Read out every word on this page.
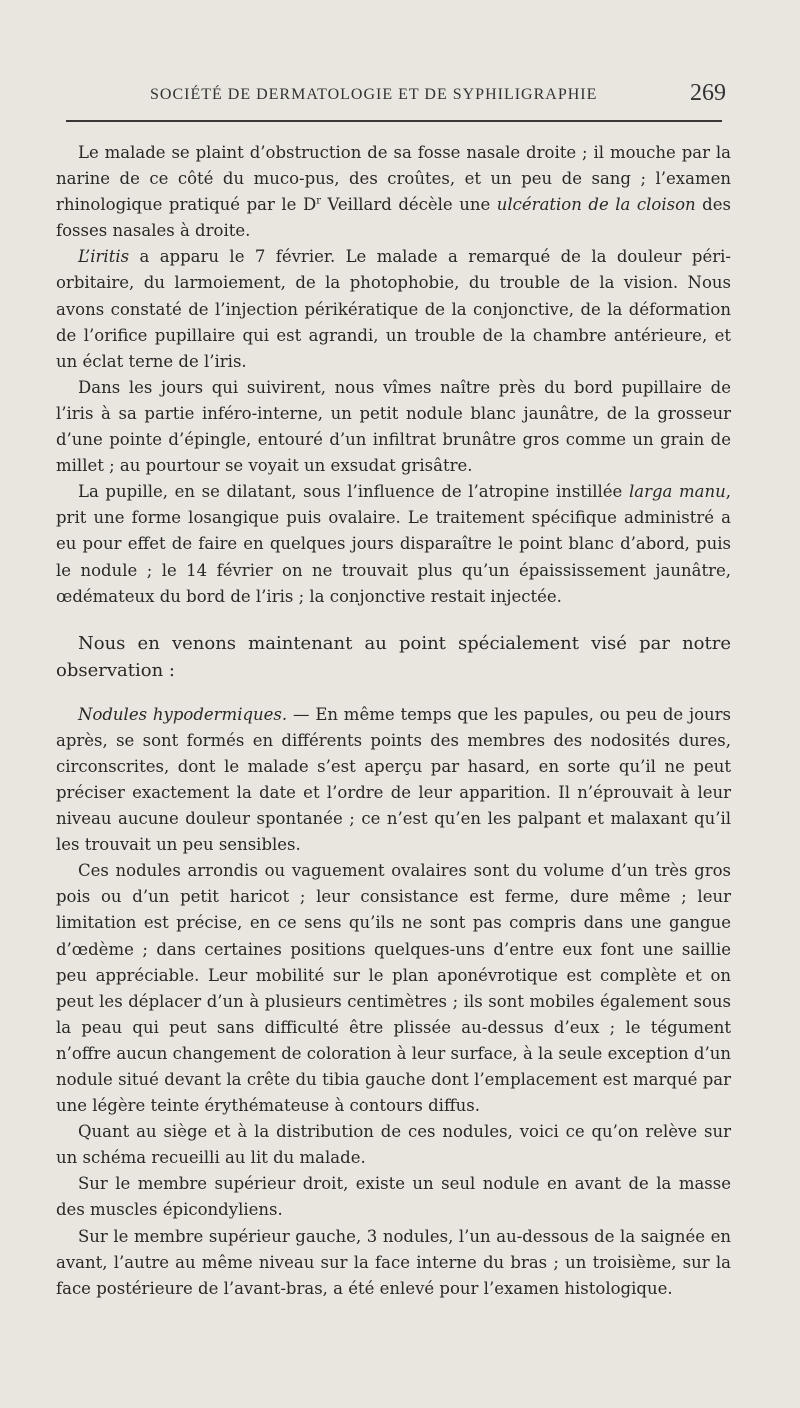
SOCIÉTÉ DE DERMATOLOGIE ET DE SYPHILIGRAPHIE	269

Le malade se plaint d’obstruction de sa fosse nasale droite ; il mouche par la narine de ce côté du muco-pus, des croûtes, et un peu de sang ; l’examen rhinologique pratiqué par le $D^r$ Veillard décèle une ulcération de la cloison des fosses nasales à droite.

L’iritis a apparu le 7 février. Le malade a remarqué de la douleur péri-orbitaire, du larmoiement, de la photophobie, du trouble de la vision. Nous avons constaté de l’injection périkératique de la conjonctive, de la déformation de l’orifice pupillaire qui est agrandi, un trouble de la chambre antérieure, et un éclat terne de l’iris.

Dans les jours qui suivirent, nous vîmes naître près du bord pupillaire de l’iris à sa partie inféro-interne, un petit nodule blanc jaunâtre, de la grosseur d’une pointe d’épingle, entouré d’un infiltrat brunâtre gros comme un grain de millet ; au pourtour se voyait un exsudat grisâtre.

La pupille, en se dilatant, sous l’influence de l’atropine instillée larga manu, prit une forme losangique puis ovalaire. Le traitement spécifique administré a eu pour effet de faire en quelques jours disparaître le point blanc d’abord, puis le nodule ; le 14 février on ne trouvait plus qu’un épaississement jaunâtre, œdémateux du bord de l’iris ; la conjonctive restait injectée.

Nous en venons maintenant au point spécialement visé par notre observation :

Nodules hypodermiques. — En même temps que les papules, ou peu de jours après, se sont formés en différents points des membres des nodosités dures, circonscrites, dont le malade s’est aperçu par hasard, en sorte qu’il ne peut préciser exactement la date et l’ordre de leur apparition. Il n’éprouvait à leur niveau aucune douleur spontanée ; ce n’est qu’en les palpant et malaxant qu’il les trouvait un peu sensibles.

Ces nodules arrondis ou vaguement ovalaires sont du volume d’un très gros pois ou d’un petit haricot ; leur consistance est ferme, dure même ; leur limitation est précise, en ce sens qu’ils ne sont pas compris dans une gangue d’œdème ; dans certaines positions quelques-uns d’entre eux font une saillie peu appréciable. Leur mobilité sur le plan aponévrotique est complète et on peut les déplacer d’un à plusieurs centimètres ; ils sont mobiles également sous la peau qui peut sans difficulté être plissée au-dessus d’eux ; le tégument n’offre aucun changement de coloration à leur surface, à la seule exception d’un nodule situé devant la crête du tibia gauche dont l’emplacement est marqué par une légère teinte érythémateuse à contours diffus.

Quant au siège et à la distribution de ces nodules, voici ce qu’on relève sur un schéma recueilli au lit du malade.

Sur le membre supérieur droit, existe un seul nodule en avant de la masse des muscles épicondyliens.

Sur le membre supérieur gauche, 3 nodules, l’un au-dessous de la saignée en avant, l’autre au même niveau sur la face interne du bras ; un troisième, sur la face postérieure de l’avant-bras, a été enlevé pour l’examen histologique.
